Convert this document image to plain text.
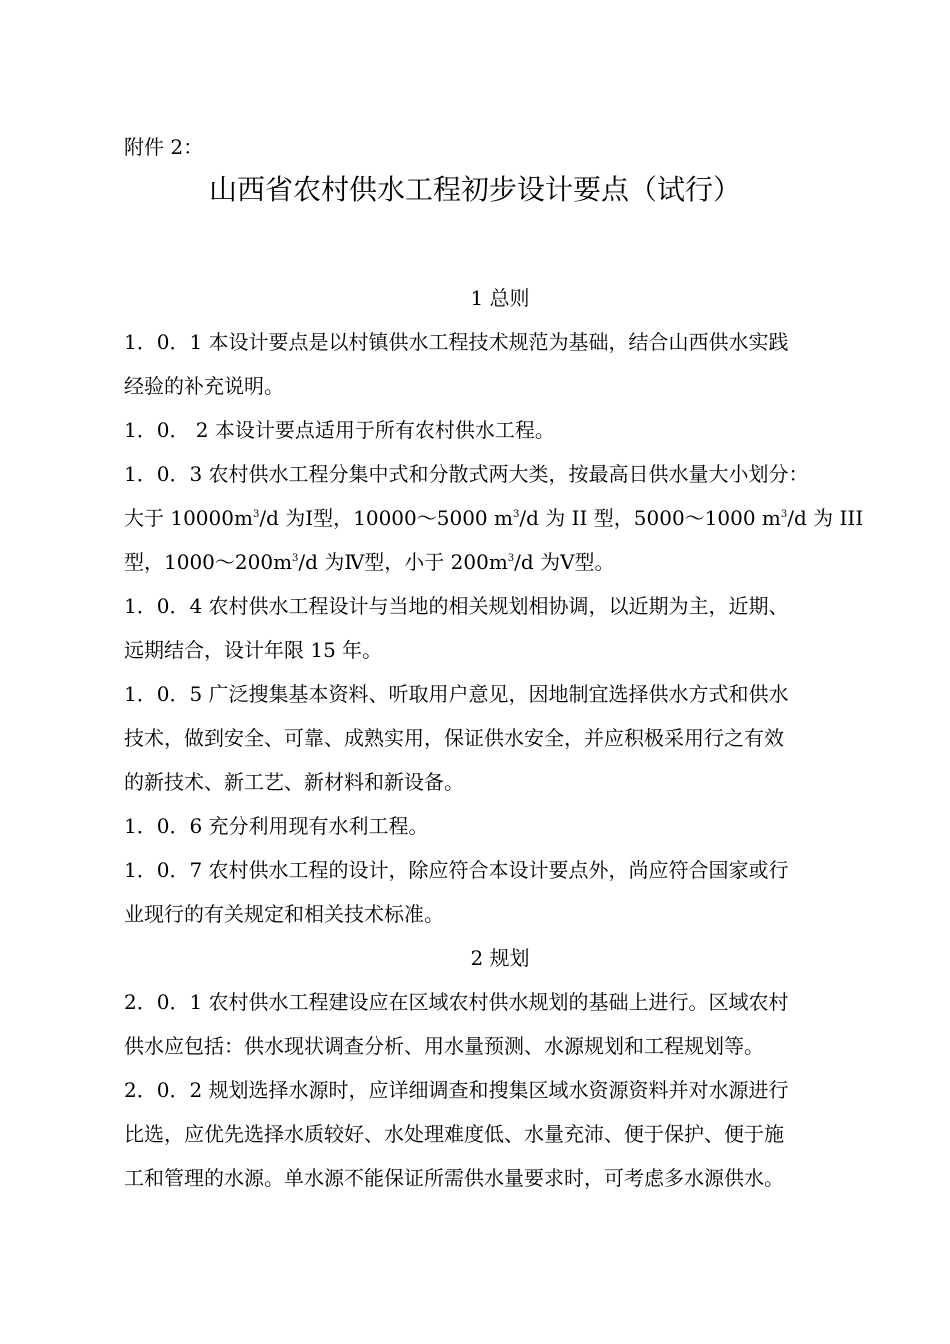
附件 2：
山西省农村供水工程初步设计要点（试行）
1 总则

1．0．1 本设计要点是以村镇供水工程技术规范为基础，结合山西供水实践
经验的补充说明。

1．0． 2 本设计要点适用于所有农村供水工程。

1．0．3 农村供水工程分集中式和分散式两大类，按最高日供水量大小划分：
大于 $10000m^3/d$ 为Ⅰ型，10000～5000 $m^3/d$ 为 II 型，5000～1000 $m^3/d$ 为 III
型，$1000\sim 200m^3/d$ 为Ⅳ型，小于 $200m^3/d$ 为Ⅴ型。

1．0．4 农村供水工程设计与当地的相关规划相协调，以近期为主，近期、
远期结合，设计年限 15 年。

1．0．5 广泛搜集基本资料、听取用户意见，因地制宜选择供水方式和供水
技术，做到安全、可靠、成熟实用，保证供水安全，并应积极采用行之有效
的新技术、新工艺、新材料和新设备。

1．0．6 充分利用现有水利工程。

1．0．7 农村供水工程的设计，除应符合本设计要点外，尚应符合国家或行
业现行的有关规定和相关技术标准。

2 规划

2．0．1 农村供水工程建设应在区域农村供水规划的基础上进行。区域农村
供水应包括：供水现状调查分析、用水量预测、水源规划和工程规划等。

2．0．2 规划选择水源时，应详细调查和搜集区域水资源资料并对水源进行
比选，应优先选择水质较好、水处理难度低、水量充沛、便于保护、便于施
工和管理的水源。单水源不能保证所需供水量要求时，可考虑多水源供水。
